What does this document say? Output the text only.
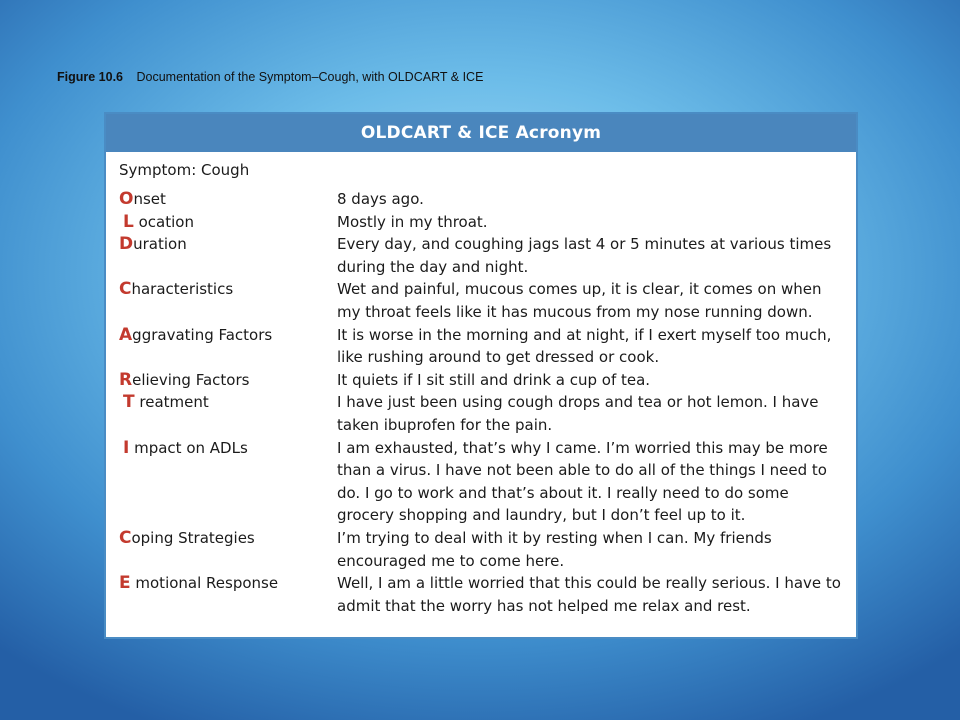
Figure 10.6 Documentation of the Symptom–Cough, with OLDCART & ICE
OLDCART & ICE Acronym
Symptom: Cough
Onset	8 days ago.
L ocation	Mostly in my throat.
Duration	Every day, and coughing jags last 4 or 5 minutes at various times during the day and night.
Characteristics	Wet and painful, mucous comes up, it is clear, it comes on when my throat feels like it has mucous from my nose running down.
Aggravating Factors	It is worse in the morning and at night, if I exert myself too much, like rushing around to get dressed or cook.
Relieving Factors	It quiets if I sit still and drink a cup of tea.
T reatment	I have just been using cough drops and tea or hot lemon. I have taken ibuprofen for the pain.
I mpact on ADLs	I am exhausted, that’s why I came. I’m worried this may be more than a virus. I have not been able to do all of the things I need to do. I go to work and that’s about it. I really need to do some grocery shopping and laundry, but I don’t feel up to it.
Coping Strategies	I’m trying to deal with it by resting when I can. My friends encouraged me to come here.
E motional Response	Well, I am a little worried that this could be really serious. I have to admit that the worry has not helped me relax and rest.
